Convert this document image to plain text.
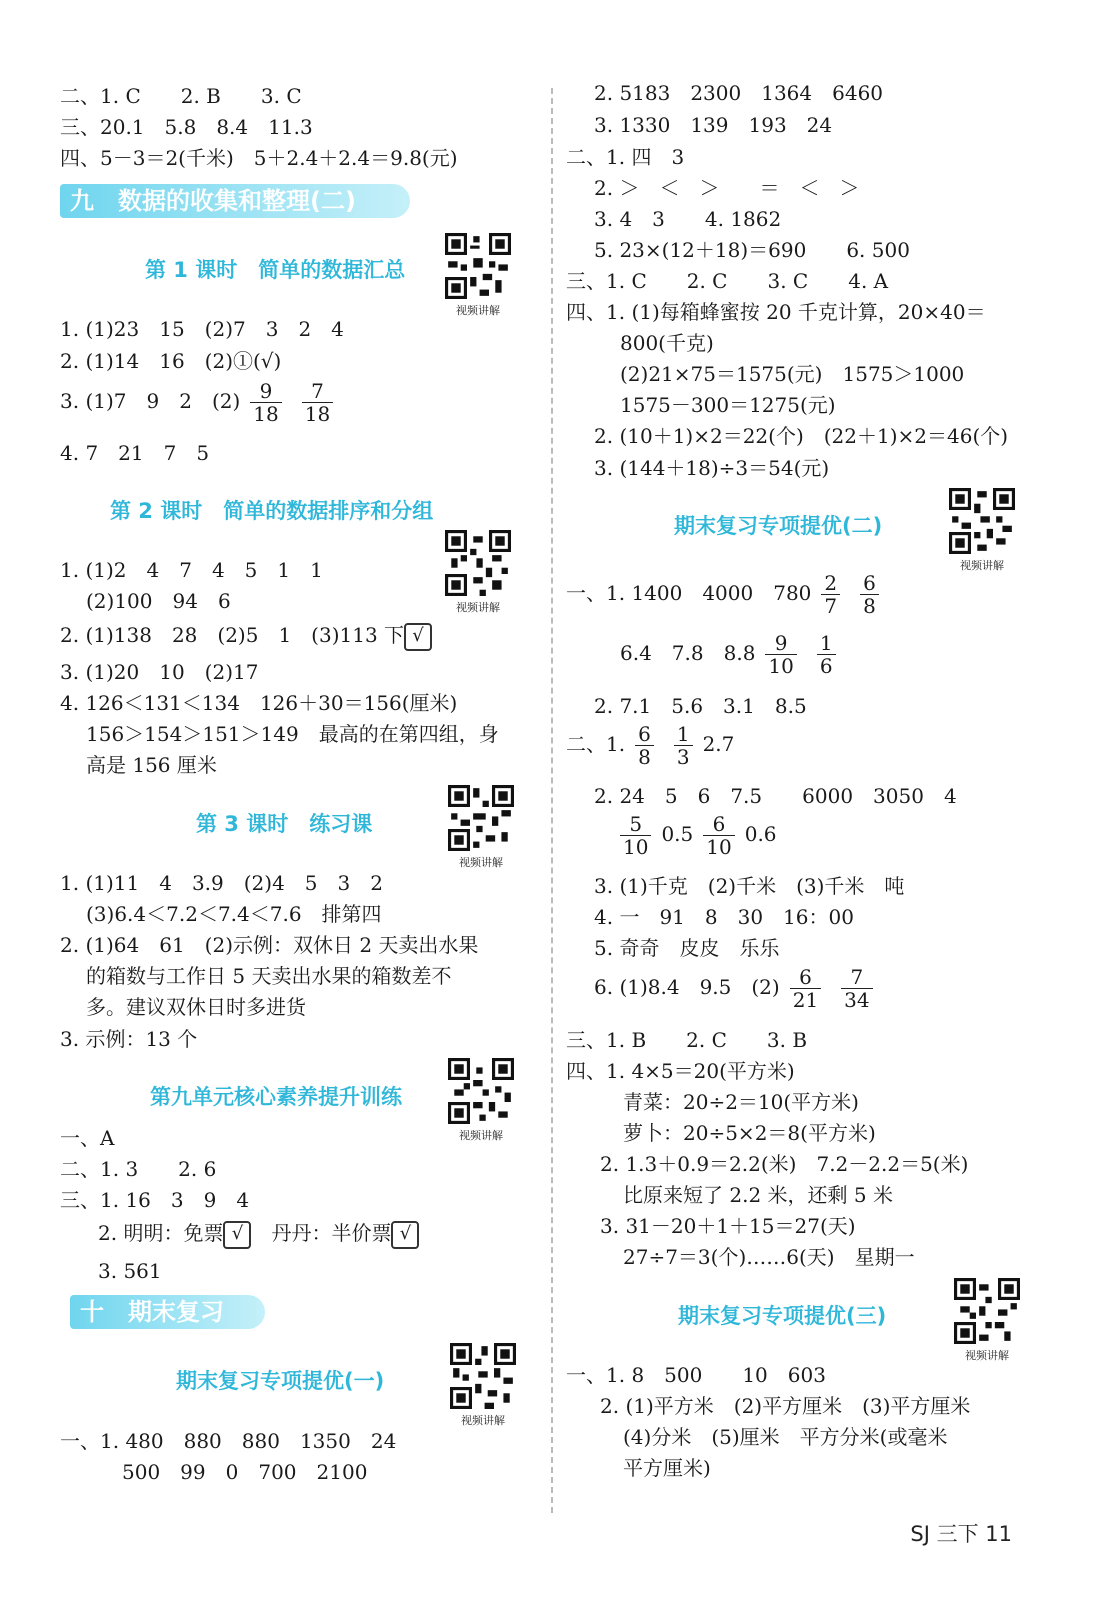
二、1. C　　2. B　　3. C
三、20.1　5.8　8.4　11.3
四、5－3＝2(千米)　5＋2.4＋2.4＝9.8(元)
九　数据的收集和整理(二)
第 1 课时　简单的数据汇总
视频讲解
1. (1)23　15　(2)7　3　2　4
2. (1)14　16　(2)①(√)
3. (1)7　9　2　$(2) \frac{9}{18} \frac{7}{18}$
4. 7　21　7　5
第 2 课时　简单的数据排序和分组
1. (1)2　4　7　4　5　1　1
(2)100　94　6	视频讲解
2. (1)138　28　(2)5　1　(3)113 下 √
3. (1)20　10　(2)17
4. 126＜131＜134　126＋30＝156(厘米)
156＞154＞151＞149　最高的在第四组，身
高是 156 厘米
第 3 课时　练习课
视频讲解
1. (1)11　4　3.9　(2)4　5　3　2
(3)6.4＜7.2＜7.4＜7.6　排第四
2. (1)64　61　(2)示例：双休日 2 天卖出水果
的箱数与工作日 5 天卖出水果的箱数差不
多。建议双休日时多进货
3. 示例：13 个
第九单元核心素养提升训练
视频讲解
一、A
二、1. 3　　2. 6
三、1. 16　3　9　4
2. 明明：免票 √　丹丹：半价票 √
3. 561
十　期末复习
期末复习专项提优(一)
视频讲解
一、1. 480　880　880　1350　24
500　99　0　700　2100
2. 5183　2300　1364　6460
3. 1330　139　193　24
二、1. 四　3
2. ＞　＜　＞　　＝　＜　＞
3. 4　3　　4. 1862
5. 23×(12＋18)＝690　　6. 500
三、1. C　　2. C　　3. C　　4. A
四、1. (1)每箱蜂蜜按 20 千克计算，20×40＝
800(千克)
(2)21×75＝1575(元)　1575＞1000
1575－300＝1275(元)
2. (10＋1)×2＝22(个)　(22＋1)×2＝46(个)
3. (144＋18)÷3＝54(元)
期末复习专项提优(二)
视频讲解
一、1. 1400　4000　$780 \frac{2}{7} \frac{6}{8}$
6.4　7.8　$8.8 \frac{9}{10} \frac{1}{6}$
2. 7.1　5.6　3.1　8.5
二、1. $\frac{6}{8} \frac{1}{3} 2.7$
2. 24　5　6　7.5　　6000　3050　4
$\frac{5}{10} 0.5 \frac{6}{10} 0.6$
3. (1)千克　(2)千米　(3)千米　吨
4. 一　91　8　30　16：00
5. 奇奇　皮皮　乐乐
6. (1)8.4　9.5　$(2) \frac{6}{21} \frac{7}{34}$
三、1. B　　2. C　　3. B
四、1. 4×5＝20(平方米)
青菜：20÷2＝10(平方米)
萝卜：20÷5×2＝8(平方米)
2. 1.3＋0.9＝2.2(米)　7.2－2.2＝5(米)
比原来短了 2.2 米，还剩 5 米
3. 31－20＋1＋15＝27(天)
27÷7＝3(个)……6(天)　星期一
期末复习专项提优(三)
视频讲解
一、1. 8　500　　10　603
2. (1)平方米　(2)平方厘米　(3)平方厘米
(4)分米　(5)厘米　平方分米(或毫米
平方厘米)
SJ 三下 11
